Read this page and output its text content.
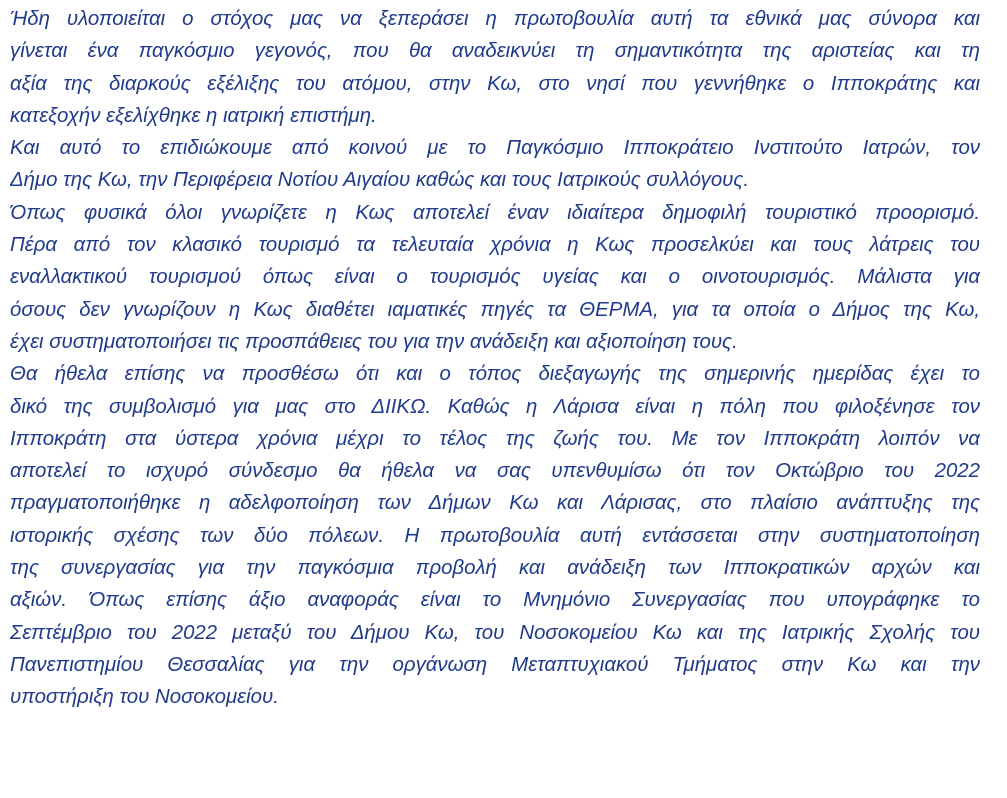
Ήδη υλοποιείται ο στόχος μας να ξεπεράσει η πρωτοβουλία αυτή τα εθνικά μας σύνορα και
γίνεται ένα παγκόσμιο γεγονός, που θα αναδεικνύει τη σημαντικότητα της αριστείας και τη
αξία της διαρκούς εξέλιξης του ατόμου, στην Κω, στο νησί που γεννήθηκε ο Ιπποκράτης και
κατεξοχήν εξελίχθηκε η ιατρική επιστήμη.
Και αυτό το επιδιώκουμε από κοινού με το Παγκόσμιο Ιπποκράτειο Ινστιτούτο Ιατρών, τον
Δήμο της Κω, την Περιφέρεια Νοτίου Αιγαίου καθώς και τους Ιατρικούς συλλόγους.
Όπως φυσικά όλοι γνωρίζετε η Κως αποτελεί έναν ιδιαίτερα δημοφιλή τουριστικό προορισμό.
Πέρα από τον κλασικό τουρισμό τα τελευταία χρόνια η Κως προσελκύει και τους λάτρεις του
εναλλακτικού τουρισμού όπως είναι ο τουρισμός υγείας και ο οινοτουρισμός. Μάλιστα για
όσους δεν γνωρίζουν η Κως διαθέτει ιαματικές πηγές τα ΘΕΡΜΑ, για τα οποία ο Δήμος της Κω,
έχει συστηματοποιήσει τις προσπάθειες του για την ανάδειξη και αξιοποίηση τους.
Θα ήθελα επίσης να προσθέσω ότι και ο τόπος διεξαγωγής της σημερινής ημερίδας έχει το
δικό της συμβολισμό για μας στο ΔΙΙΚΩ. Καθώς η Λάρισα είναι η πόλη που φιλοξένησε τον
Ιπποκράτη στα ύστερα χρόνια μέχρι το τέλος της ζωής του. Με τον Ιπποκράτη λοιπόν να
αποτελεί το ισχυρό σύνδεσμο θα ήθελα να σας υπενθυμίσω ότι τον Οκτώβριο του 2022
πραγματοποιήθηκε η αδελφοποίηση των Δήμων Κω και Λάρισας, στο πλαίσιο ανάπτυξης της
ιστορικής σχέσης των δύο πόλεων. Η πρωτοβουλία αυτή εντάσσεται στην συστηματοποίηση
της συνεργασίας για την παγκόσμια προβολή και ανάδειξη των Ιπποκρατικών αρχών και
αξιών. Όπως επίσης άξιο αναφοράς είναι το Μνημόνιο Συνεργασίας που υπογράφηκε το
Σεπτέμβριο του 2022 μεταξύ του Δήμου Κω, του Νοσοκομείου Κω και της Ιατρικής Σχολής του
Πανεπιστημίου Θεσσαλίας για την οργάνωση Μεταπτυχιακού Τμήματος στην Κω και την
υποστήριξη του Νοσοκομείου.
